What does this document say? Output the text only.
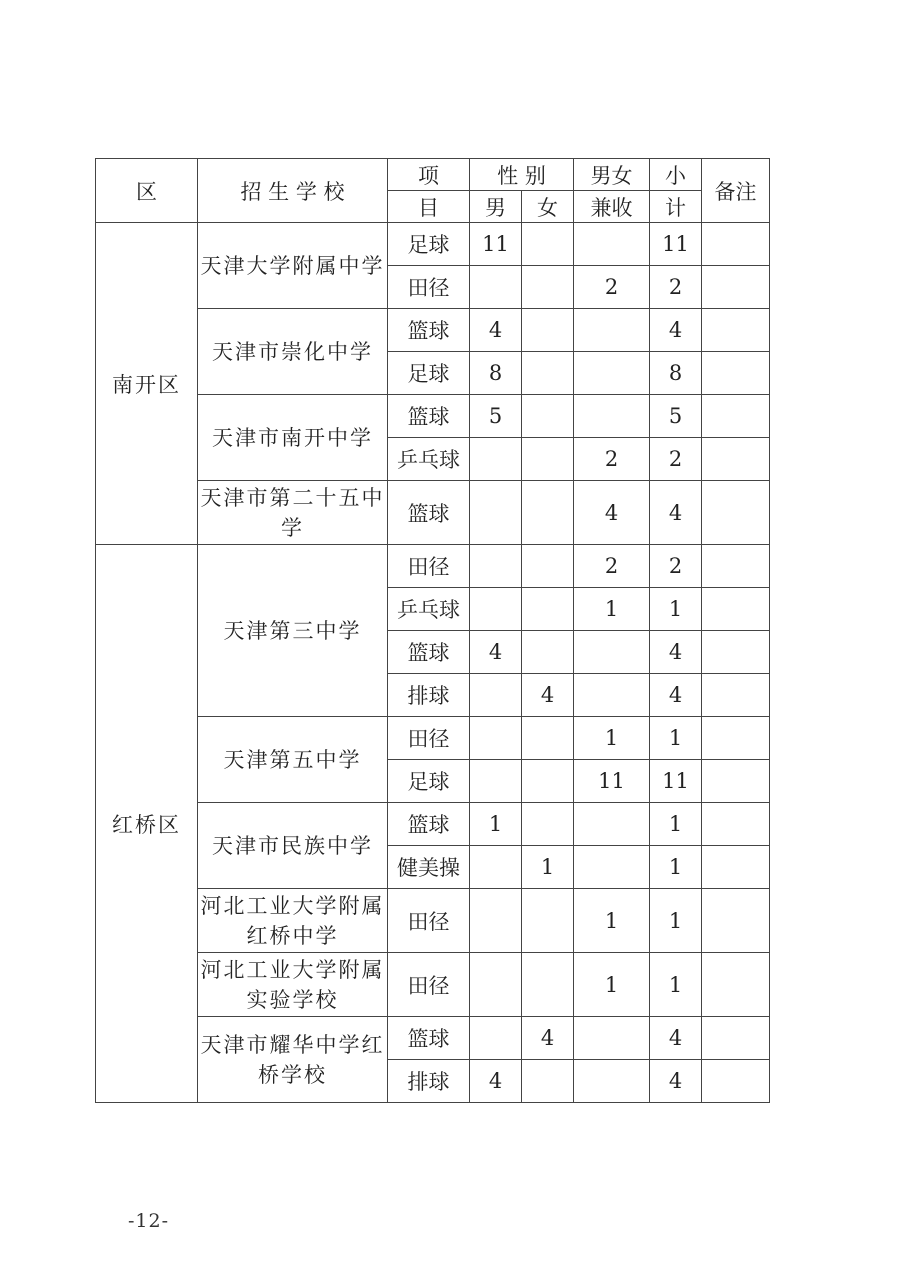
区	招 生 学 校	项	性 别		男女	小	备注
		目	男	女	兼收	计	
南开区	天津大学附属中学	足球	11			11	
		田径			2	2	
	天津市崇化中学	篮球	4			4	
		足球	8			8	
	天津市南开中学	篮球	5			5	
		乒乓球			2	2	
	天津市第二十五中学	篮球			4	4	
红桥区	天津第三中学	田径			2	2	
		乒乓球			1	1	
		篮球	4			4	
		排球		4		4	
	天津第五中学	田径			1	1	
		足球			11	11	
	天津市民族中学	篮球	1			1	
		健美操		1		1	
	河北工业大学附属红桥中学	田径			1	1	
	河北工业大学附属实验学校	田径			1	1	
	天津市耀华中学红桥学校	篮球		4		4	
		排球	4			4	
-12-
